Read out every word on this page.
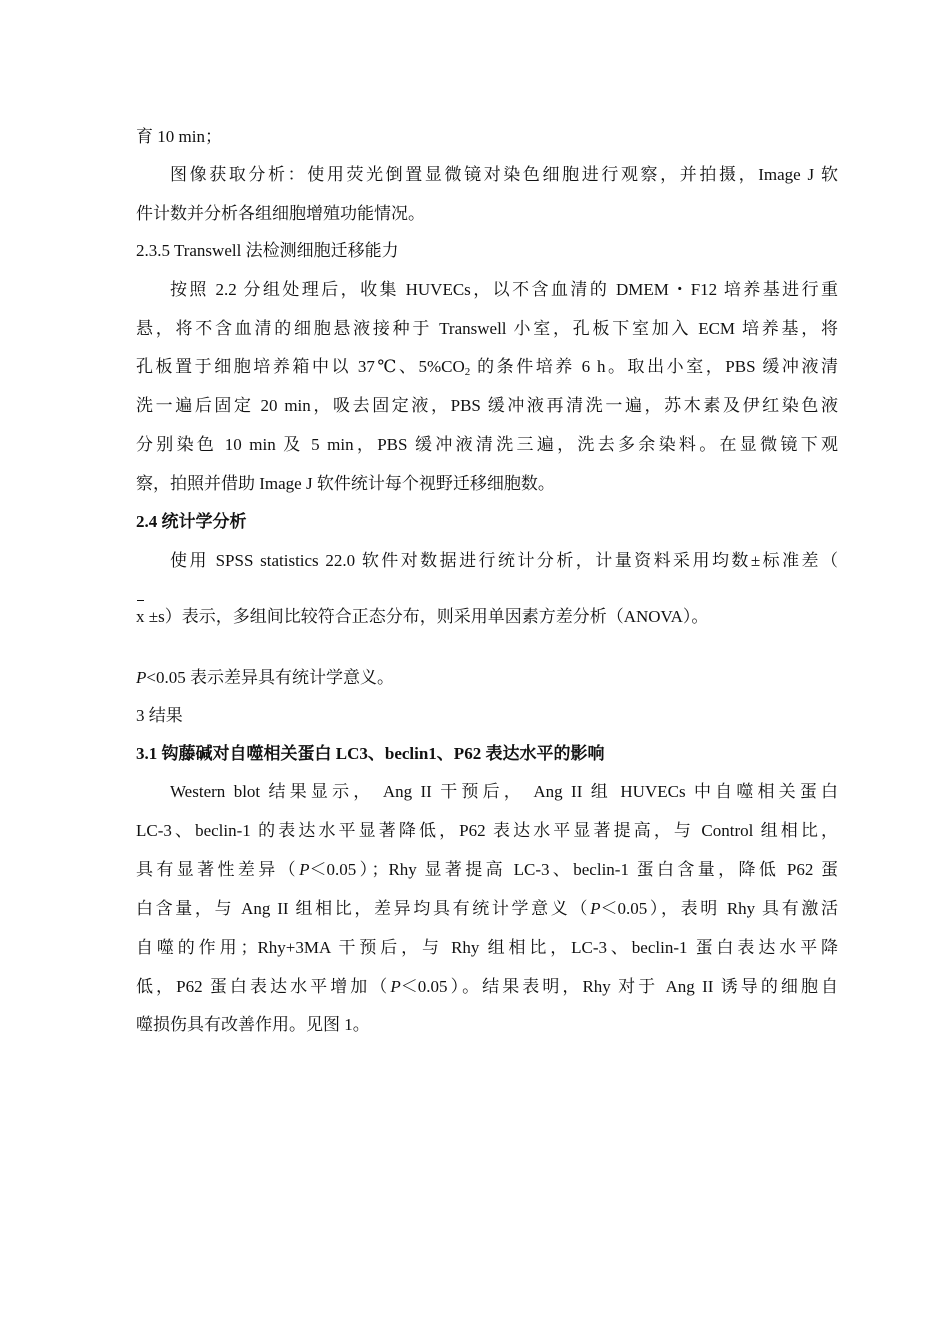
育 10 min；
图像获取分析：使用荧光倒置显微镜对染色细胞进行观察，并拍摄，Image J 软
件计数并分析各组细胞增殖功能情况。
2.3.5 Transwell 法检测细胞迁移能力
按照 2.2 分组处理后，收集 HUVECs，以不含血清的 DMEM・F12 培养基进行重
悬，将不含血清的细胞悬液接种于 Transwell 小室，孔板下室加入 ECM 培养基，将
孔板置于细胞培养箱中以 37℃、$5\%CO_2$ 的条件培养 6 h。取出小室，PBS 缓冲液清
洗一遍后固定 20 min，吸去固定液，PBS 缓冲液再清洗一遍，苏木素及伊红染色液
分别染色 10 min 及 5 min，PBS 缓冲液清洗三遍，洗去多余染料。在显微镜下观
察，拍照并借助 Image J 软件统计每个视野迁移细胞数。
2.4 统计学分析
使用 SPSS statistics 22.0 软件对数据进行统计分析，计量资料采用均数±标准差（
x ±s）表示，多组间比较符合正态分布，则采用单因素方差分析（ANOVA）。
P<0.05 表示差异具有统计学意义。
3 结果
3.1 钩藤碱对自噬相关蛋白 LC3、beclin1、P62 表达水平的影响
Western blot 结果显示， Ang II 干预后， Ang II 组 HUVECs 中自噬相关蛋白
LC-3、beclin-1 的表达水平显著降低，P62 表达水平显著提高，与 Control 组相比，
具有显著性差异（P＜0.05）；Rhy 显著提高 LC-3、beclin-1 蛋白含量，降低 P62 蛋
白含量，与 Ang II 组相比，差异均具有统计学意义（P＜0.05），表明 Rhy 具有激活
自噬的作用；Rhy+3MA 干预后，与 Rhy 组相比，LC-3、beclin-1 蛋白表达水平降
低，P62 蛋白表达水平增加（P＜0.05）。结果表明，Rhy 对于 Ang II 诱导的细胞自
噬损伤具有改善作用。见图 1。
